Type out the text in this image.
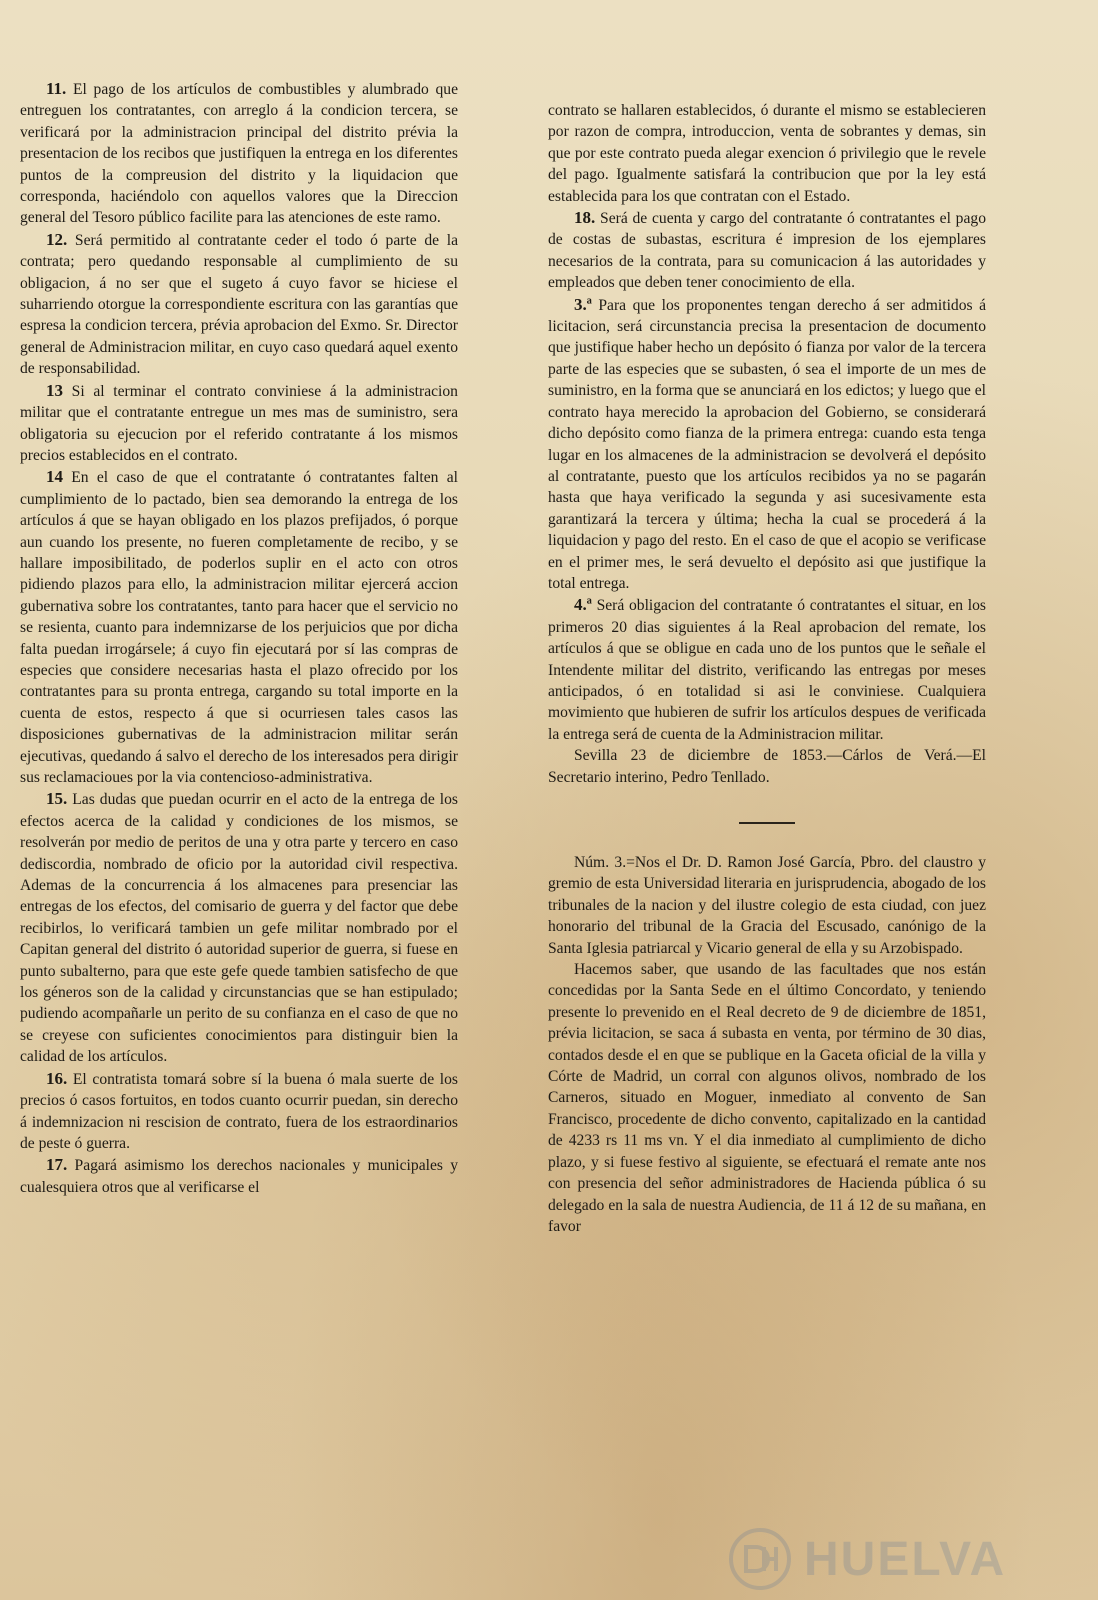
11. El pago de los artículos de combustibles y alumbrado que entreguen los contratantes, con arreglo á la condicion tercera, se verificará por la administracion principal del distrito prévia la presentacion de los recibos que justifiquen la entrega en los diferentes puntos de la compreusion del distrito y la liquidacion que corresponda, haciéndolo con aquellos valores que la Direccion general del Tesoro público facilite para las atenciones de este ramo.

12. Será permitido al contratante ceder el todo ó parte de la contrata; pero quedando responsable al cumplimiento de su obligacion, á no ser que el sugeto á cuyo favor se hiciese el suharriendo otorgue la correspondiente escritura con las garantías que espresa la condicion tercera, prévia aprobacion del Exmo. Sr. Director general de Administracion militar, en cuyo caso quedará aquel exento de responsabilidad.

13 Si al terminar el contrato conviniese á la administracion militar que el contratante entregue un mes mas de suministro, sera obligatoria su ejecucion por el referido contratante á los mismos precios establecidos en el contrato.

14 En el caso de que el contratante ó contratantes falten al cumplimiento de lo pactado, bien sea demorando la entrega de los artículos á que se hayan obligado en los plazos prefijados, ó porque aun cuando los presente, no fueren completamente de recibo, y se hallare imposibilitado, de poderlos suplir en el acto con otros pidiendo plazos para ello, la administracion militar ejercerá accion gubernativa sobre los contratantes, tanto para hacer que el servicio no se resienta, cuanto para indemnizarse de los perjuicios que por dicha falta puedan irrogársele; á cuyo fin ejecutará por sí las compras de especies que considere necesarias hasta el plazo ofrecido por los contratantes para su pronta entrega, cargando su total importe en la cuenta de estos, respecto á que si ocurriesen tales casos las disposiciones gubernativas de la administracion militar serán ejecutivas, quedando á salvo el derecho de los interesados pera dirigir sus reclamacioues por la via contencioso-administrativa.

15. Las dudas que puedan ocurrir en el acto de la entrega de los efectos acerca de la calidad y condiciones de los mismos, se resolverán por medio de peritos de una y otra parte y tercero en caso dediscordia, nombrado de oficio por la autoridad civil respectiva. Ademas de la concurrencia á los almacenes para presenciar las entregas de los efectos, del comisario de guerra y del factor que debe recibirlos, lo verificará tambien un gefe militar nombrado por el Capitan general del distrito ó autoridad superior de guerra, si fuese en punto subalterno, para que este gefe quede tambien satisfecho de que los géneros son de la calidad y circunstancias que se han estipulado; pudiendo acompañarle un perito de su confianza en el caso de que no se creyese con suficientes conocimientos para distinguir bien la calidad de los artículos.

16. El contratista tomará sobre sí la buena ó mala suerte de los precios ó casos fortuitos, en todos cuanto ocurrir puedan, sin derecho á indemnizacion ni rescision de contrato, fuera de los estraordinarios de peste ó guerra.

17. Pagará asimismo los derechos nacionales y municipales y cualesquiera otros que al verificarse el

contrato se hallaren establecidos, ó durante el mismo se establecieren por razon de compra, introduccion, venta de sobrantes y demas, sin que por este contrato pueda alegar exencion ó privilegio que le revele del pago. Igualmente satisfará la contribucion que por la ley está establecida para los que contratan con el Estado.

18. Será de cuenta y cargo del contratante ó contratantes el pago de costas de subastas, escritura é impresion de los ejemplares necesarios de la contrata, para su comunicacion á las autoridades y empleados que deben tener conocimiento de ella.

3.ª Para que los proponentes tengan derecho á ser admitidos á licitacion, será circunstancia precisa la presentacion de documento que justifique haber hecho un depósito ó fianza por valor de la tercera parte de las especies que se subasten, ó sea el importe de un mes de suministro, en la forma que se anunciará en los edictos; y luego que el contrato haya merecido la aprobacion del Gobierno, se considerará dicho depósito como fianza de la primera entrega: cuando esta tenga lugar en los almacenes de la administracion se devolverá el depósito al contratante, puesto que los artículos recibidos ya no se pagarán hasta que haya verificado la segunda y asi sucesivamente esta garantizará la tercera y última; hecha la cual se procederá á la liquidacion y pago del resto. En el caso de que el acopio se verificase en el primer mes, le será devuelto el depósito asi que justifique la total entrega.

4.ª Será obligacion del contratante ó contratantes el situar, en los primeros 20 dias siguientes á la Real aprobacion del remate, los artículos á que se obligue en cada uno de los puntos que le señale el Intendente militar del distrito, verificando las entregas por meses anticipados, ó en totalidad si asi le conviniese. Cualquiera movimiento que hubieren de sufrir los artículos despues de verificada la entrega será de cuenta de la Administracion militar.

Sevilla 23 de diciembre de 1853.—Cárlos de Verá.—El Secretario interino, Pedro Tenllado.

Núm. 3.=Nos el Dr. D. Ramon José García, Pbro. del claustro y gremio de esta Universidad literaria en jurisprudencia, abogado de los tribunales de la nacion y del ilustre colegio de esta ciudad, con juez honorario del tribunal de la Gracia del Escusado, canónigo de la Santa Iglesia patriarcal y Vicario general de ella y su Arzobispado.

Hacemos saber, que usando de las facultades que nos están concedidas por la Santa Sede en el último Concordato, y teniendo presente lo prevenido en el Real decreto de 9 de diciembre de 1851, prévia licitacion, se saca á subasta en venta, por término de 30 dias, contados desde el en que se publique en la Gaceta oficial de la villa y Córte de Madrid, un corral con algunos olivos, nombrado de los Carneros, situado en Moguer, inmediato al convento de San Francisco, procedente de dicho convento, capitalizado en la cantidad de 4233 rs 11 ms vn. Y el dia inmediato al cumplimiento de dicho plazo, y si fuese festivo al siguiente, se efectuará el remate ante nos con presencia del señor administradores de Hacienda pública ó su delegado en la sala de nuestra Audiencia, de 11 á 12 de su mañana, en favor

HUELVA
